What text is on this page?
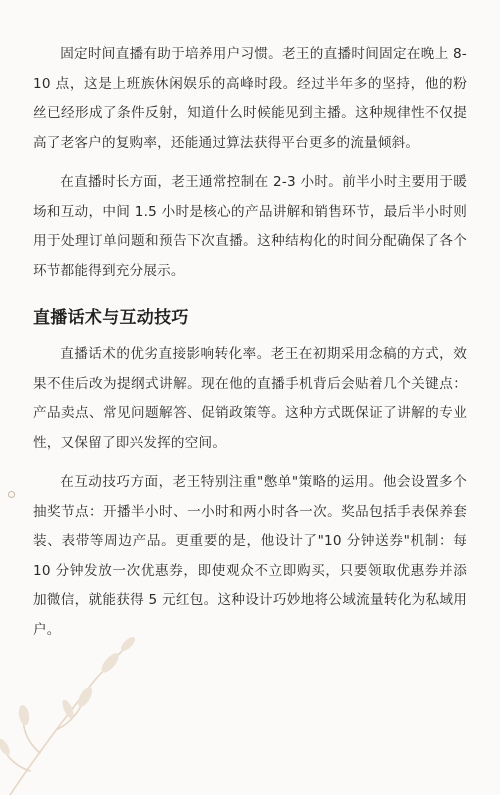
固定时间直播有助于培养用户习惯。老王的直播时间固定在晚上 8-10 点，这是上班族休闲娱乐的高峰时段。经过半年多的坚持，他的粉丝已经形成了条件反射，知道什么时候能见到主播。这种规律性不仅提高了老客户的复购率，还能通过算法获得平台更多的流量倾斜。

在直播时长方面，老王通常控制在 2-3 小时。前半小时主要用于暖场和互动，中间 1.5 小时是核心的产品讲解和销售环节，最后半小时则用于处理订单问题和预告下次直播。这种结构化的时间分配确保了各个环节都能得到充分展示。

直播话术与互动技巧

直播话术的优劣直接影响转化率。老王在初期采用念稿的方式，效果不佳后改为提纲式讲解。现在他的直播手机背后会贴着几个关键点：产品卖点、常见问题解答、促销政策等。这种方式既保证了讲解的专业性，又保留了即兴发挥的空间。

在互动技巧方面，老王特别注重"憋单"策略的运用。他会设置多个抽奖节点：开播半小时、一小时和两小时各一次。奖品包括手表保养套装、表带等周边产品。更重要的是，他设计了"10 分钟送券"机制：每 10 分钟发放一次优惠券，即使观众不立即购买，只要领取优惠券并添加微信，就能获得 5 元红包。这种设计巧妙地将公域流量转化为私域用户。
